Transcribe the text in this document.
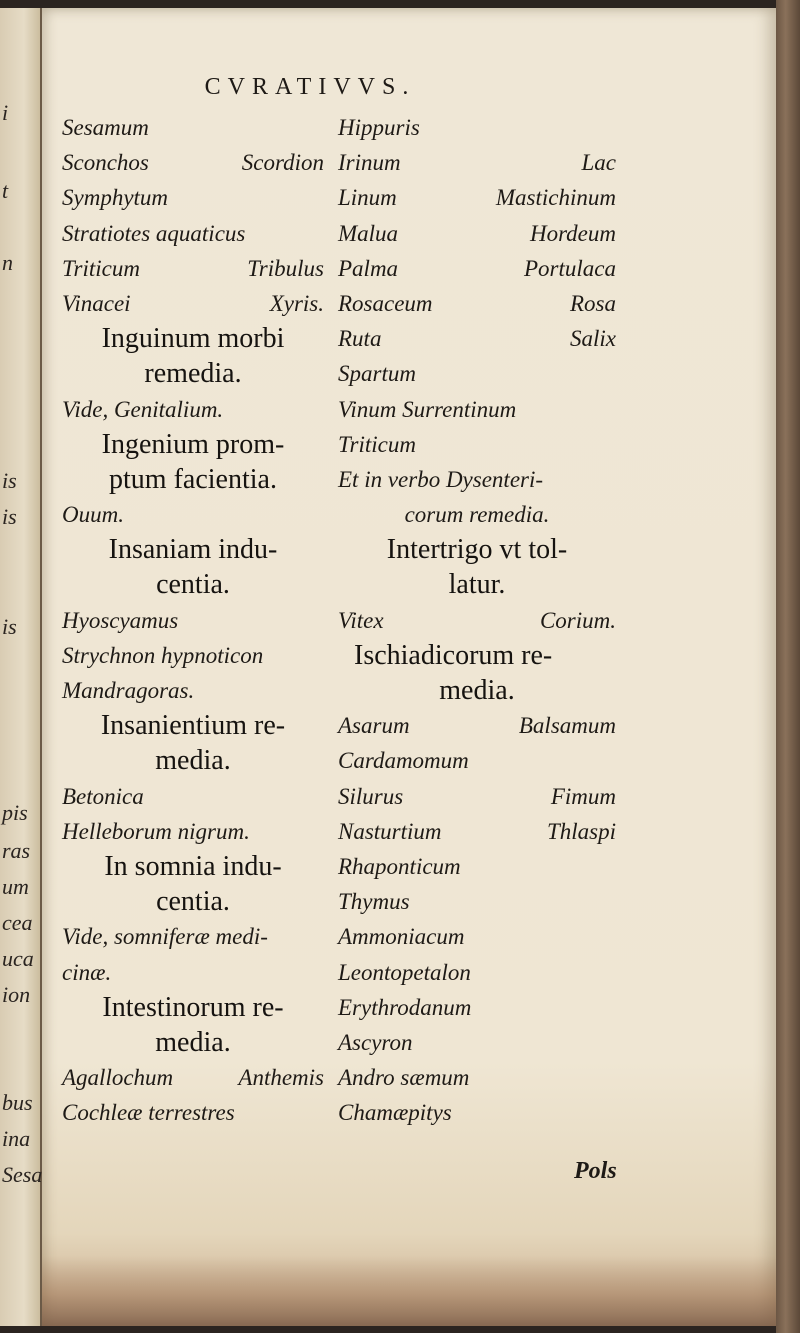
i
t
n
is
is
is
pis
ras
um
cea
uca
ion
bus
ina
Sesa
CVRATIVVS.
Sesamum
Sconchos	Scordion
Symphytum
Stratiotes aquaticus
Triticum	Tribulus
Vinacei	Xyris.
Inguinum morbi
remedia.
Vide, Genitalium.
Ingenium prom-
ptum facientia.
Ouum.
Insaniam indu-
centia.
Hyoscyamus
Strychnon hypnoticon
Mandragoras.
Insanientium re-
media.
Betonica
Helleborum nigrum.
In somnia indu-
centia.
Vide, somniferæ medi-
cinæ.
Intestinorum re-
media.
Agallochum	Anthemis
Cochleæ terrestres
Hippuris
Irinum	Lac
Linum	Mastichinum
Malua	Hordeum
Palma	Portulaca
Rosaceum	Rosa
Ruta	Salix
Spartum
Vinum Surrentinum
Triticum
Et in verbo Dysenteri-
corum remedia.
Intertrigo vt tol-
latur.
Vitex	Corium.
Ischiadicorum re-
media.
Asarum	Balsamum
Cardamomum
Silurus	Fimum
Nasturtium	Thlaspi
Rhaponticum
Thymus
Ammoniacum
Leontopetalon
Erythrodanum
Ascyron
Andro sæmum
Chamæpitys
Pols
